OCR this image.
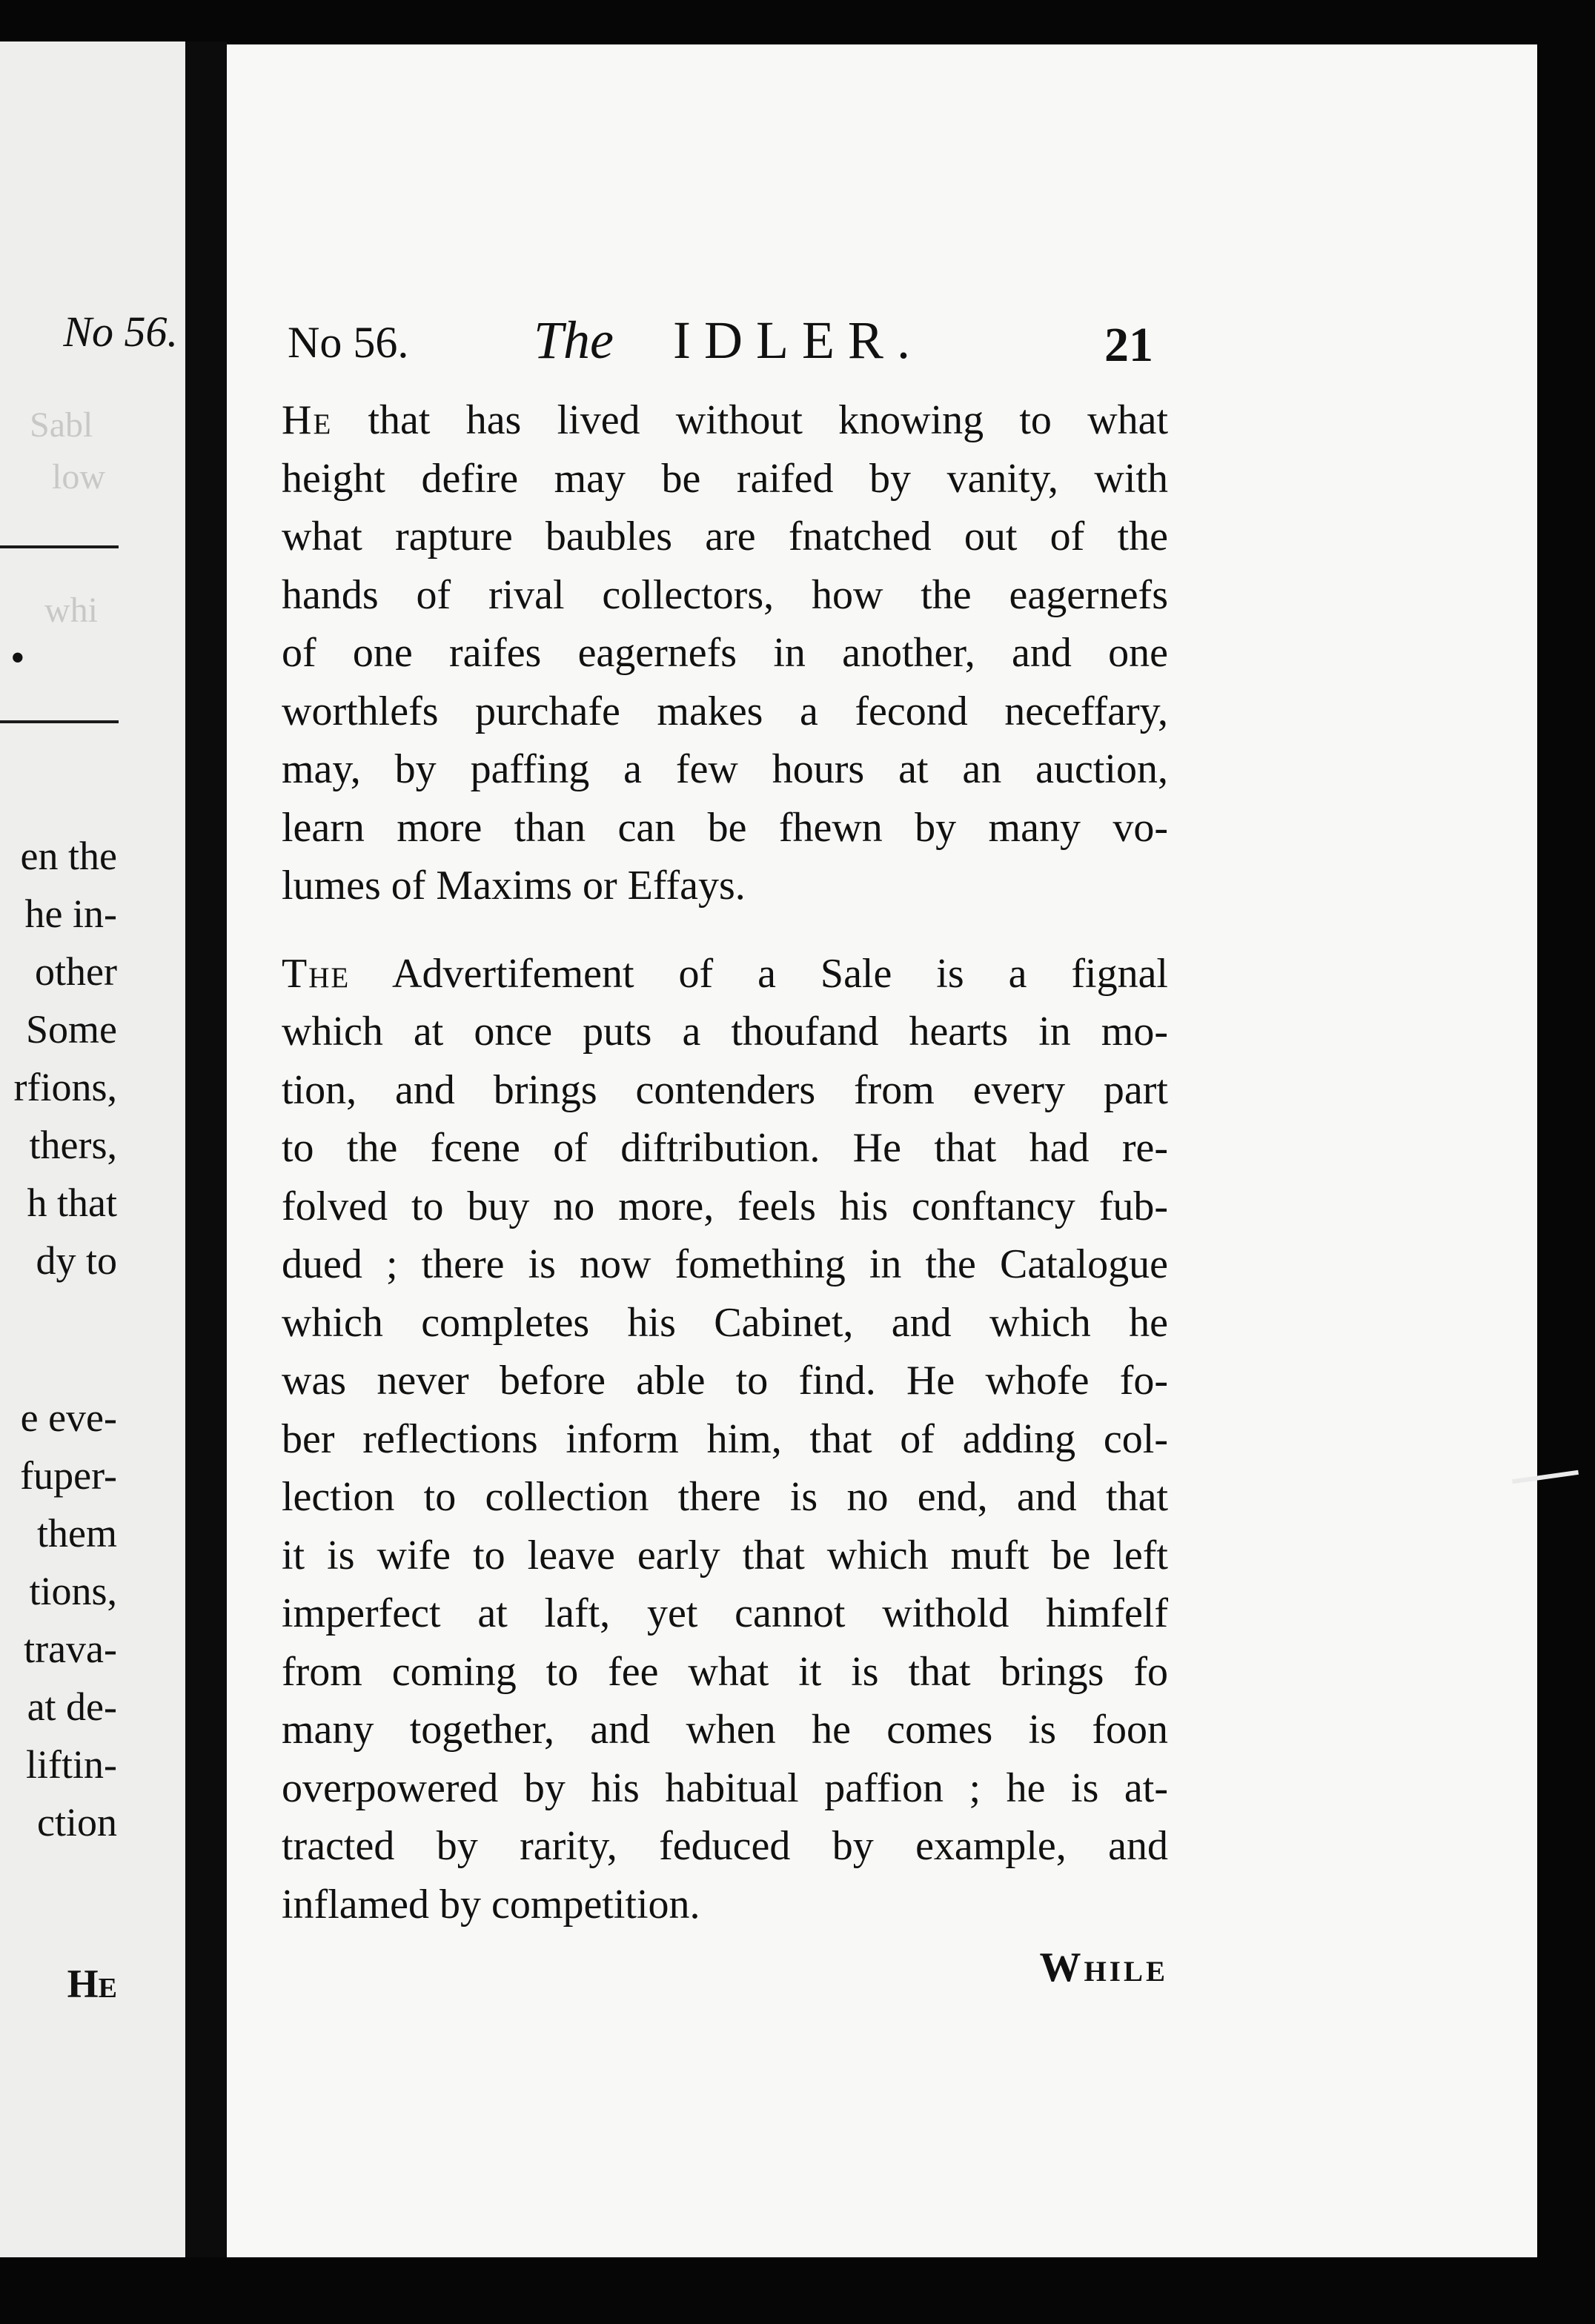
No 56.
Sabl
low
whi
•
en the
he in-
other
Some
rfions,
thers,
h that
dy to
e eve-
fuper-
them
tions,
trava-
at de-
liftin-
ction
He
No 56. The IDLER.	21
He that has lived without knowing to what
height defire may be raifed by vanity, with
what rapture baubles are fnatched out of the
hands of rival collectors, how the eagernefs
of one raifes eagernefs in another, and one
worthlefs purchafe makes a fecond neceffary,
may, by paffing a few hours at an auction,
learn more than can be fhewn by many vo-
lumes of Maxims or Effays.
The Advertifement of a Sale is a fignal
which at once puts a thoufand hearts in mo-
tion, and brings contenders from every part
to the fcene of diftribution. He that had re-
folved to buy no more, feels his conftancy fub-
dued ; there is now fomething in the Catalogue
which completes his Cabinet, and which he
was never before able to find. He whofe fo-
ber reflections inform him, that of adding col-
lection to collection there is no end, and that
it is wife to leave early that which muft be left
imperfect at laft, yet cannot withold himfelf
from coming to fee what it is that brings fo
many together, and when he comes is foon
overpowered by his habitual paffion ; he is at-
tracted by rarity, feduced by example, and
inflamed by competition.
While
